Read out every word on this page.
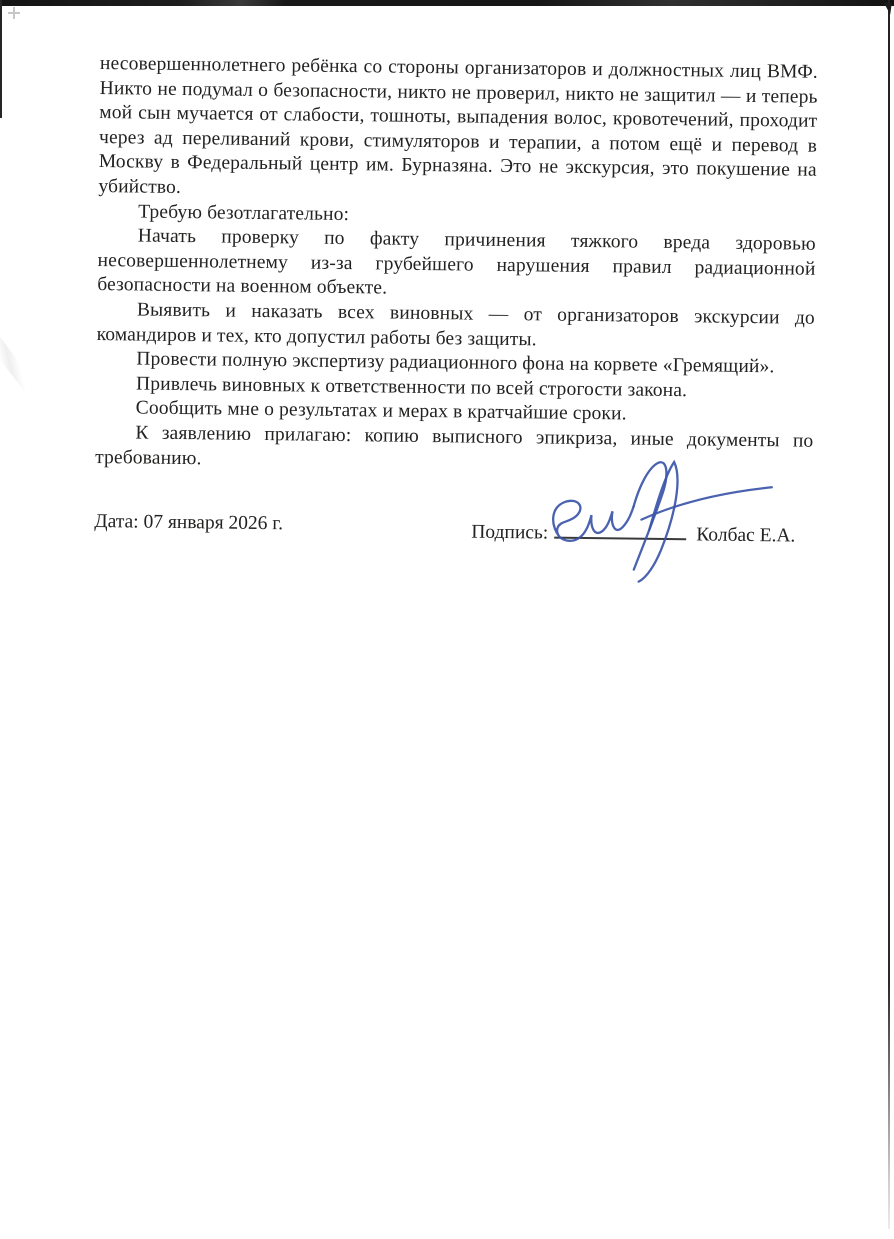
несовершеннолетнего ребёнка со стороны организаторов и должностных лиц ВМФ. Никто не подумал о безопасности, никто не проверил, никто не защитил — и теперь мой сын мучается от слабости, тошноты, выпадения волос, кровотечений, проходит через ад переливаний крови, стимуляторов и терапии, а потом ещё и перевод в Москву в Федеральный центр им. Бурназяна. Это не экскурсия, это покушение на убийство.

Требую безотлагательно:

Начать проверку по факту причинения тяжкого вреда здоровью несовершеннолетнему из-за грубейшего нарушения правил радиационной безопасности на военном объекте.

Выявить и наказать всех виновных — от организаторов экскурсии до командиров и тех, кто допустил работы без защиты.

Провести полную экспертизу радиационного фона на корвете «Гремящий».

Привлечь виновных к ответственности по всей строгости закона.

Сообщить мне о результатах и мерах в кратчайшие сроки.

К заявлению прилагаю: копию выписного эпикриза, иные документы по требованию.

Дата: 07 января 2026 г.	Подпись:	Колбас Е.А.
